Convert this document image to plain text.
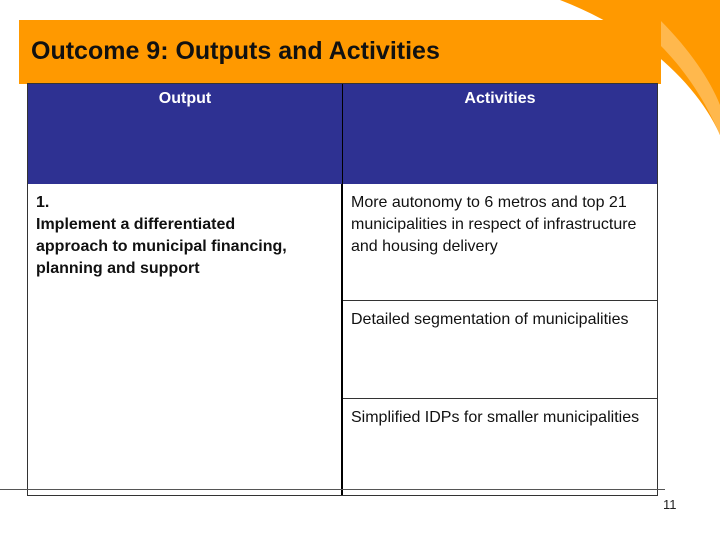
Outcome 9: Outputs and Activities
Output	Activities
1.
Implement a differentiated
approach to municipal financing,
planning and support
More autonomy to 6 metros and top 21 municipalities in respect of infrastructure and housing delivery
Detailed segmentation of municipalities
Simplified IDPs for smaller municipalities
11
